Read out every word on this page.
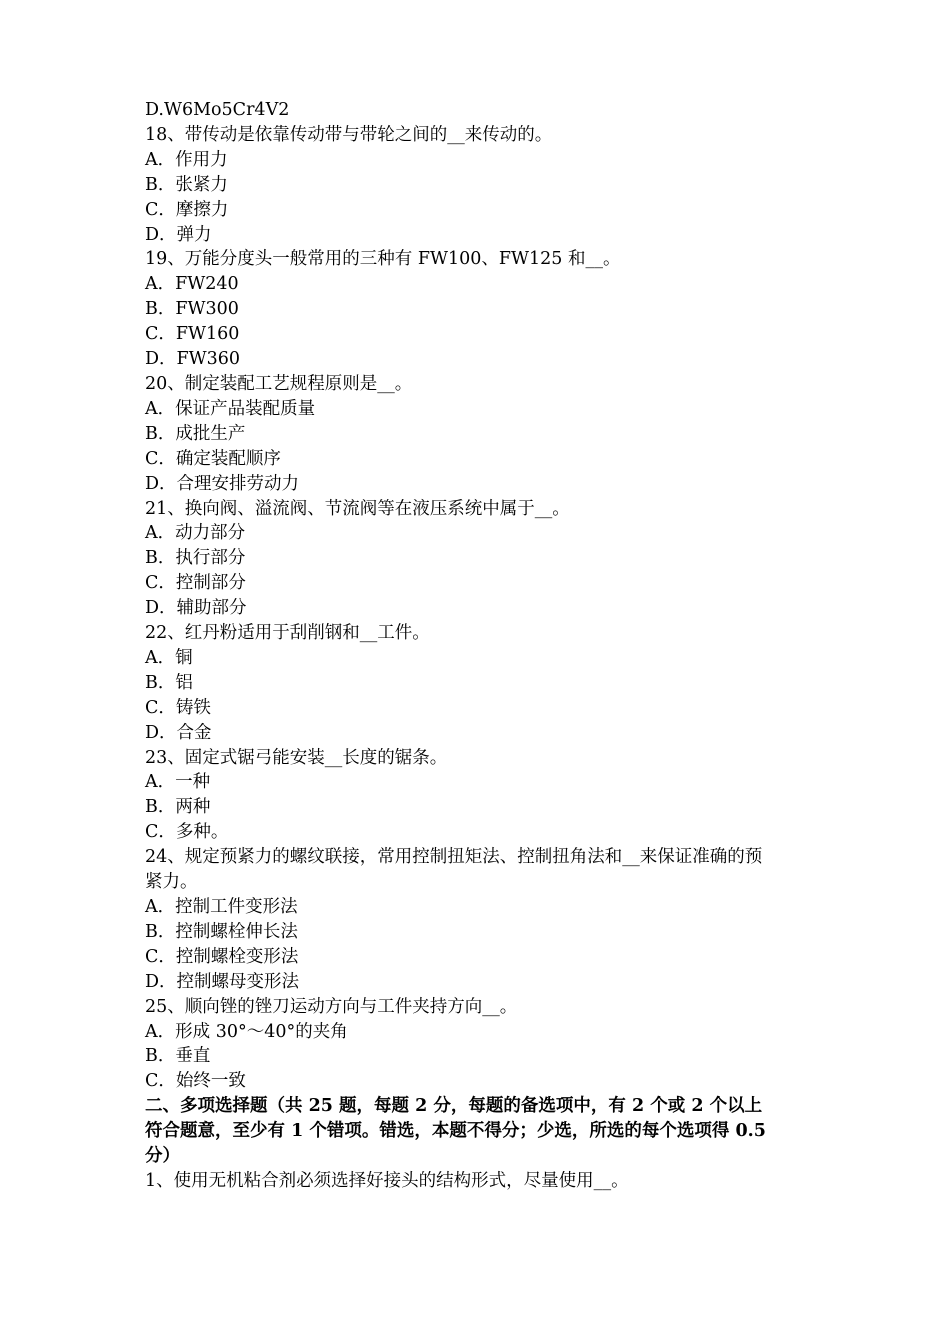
D.W6Mo5Cr4V2
18、带传动是依靠传动带与带轮之间的__来传动的。
A．作用力
B．张紧力
C．摩擦力
D．弹力
19、万能分度头一般常用的三种有 FW100、FW125 和__。
A．FW240
B．FW300
C．FW160
D．FW360
20、制定装配工艺规程原则是__。
A．保证产品装配质量
B．成批生产
C．确定装配顺序
D．合理安排劳动力
21、换向阀、溢流阀、节流阀等在液压系统中属于__。
A．动力部分
B．执行部分
C．控制部分
D．辅助部分
22、红丹粉适用于刮削钢和__工件。
A．铜
B．铝
C．铸铁
D．合金
23、固定式锯弓能安装__长度的锯条。
A．一种
B．两种
C．多种。
24、规定预紧力的螺纹联接，常用控制扭矩法、控制扭角法和__来保证准确的预
紧力。
A．控制工件变形法
B．控制螺栓伸长法
C．控制螺栓变形法
D．控制螺母变形法
25、顺向锉的锉刀运动方向与工件夹持方向__。
A．形成 30°～40°的夹角
B．垂直
C．始终一致
二、多项选择题（共 25 题，每题 2 分，每题的备选项中，有 2 个或 2 个以上
符合题意，至少有 1 个错项。错选，本题不得分；少选，所选的每个选项得 0.5
分）
1、使用无机粘合剂必须选择好接头的结构形式，尽量使用__。
